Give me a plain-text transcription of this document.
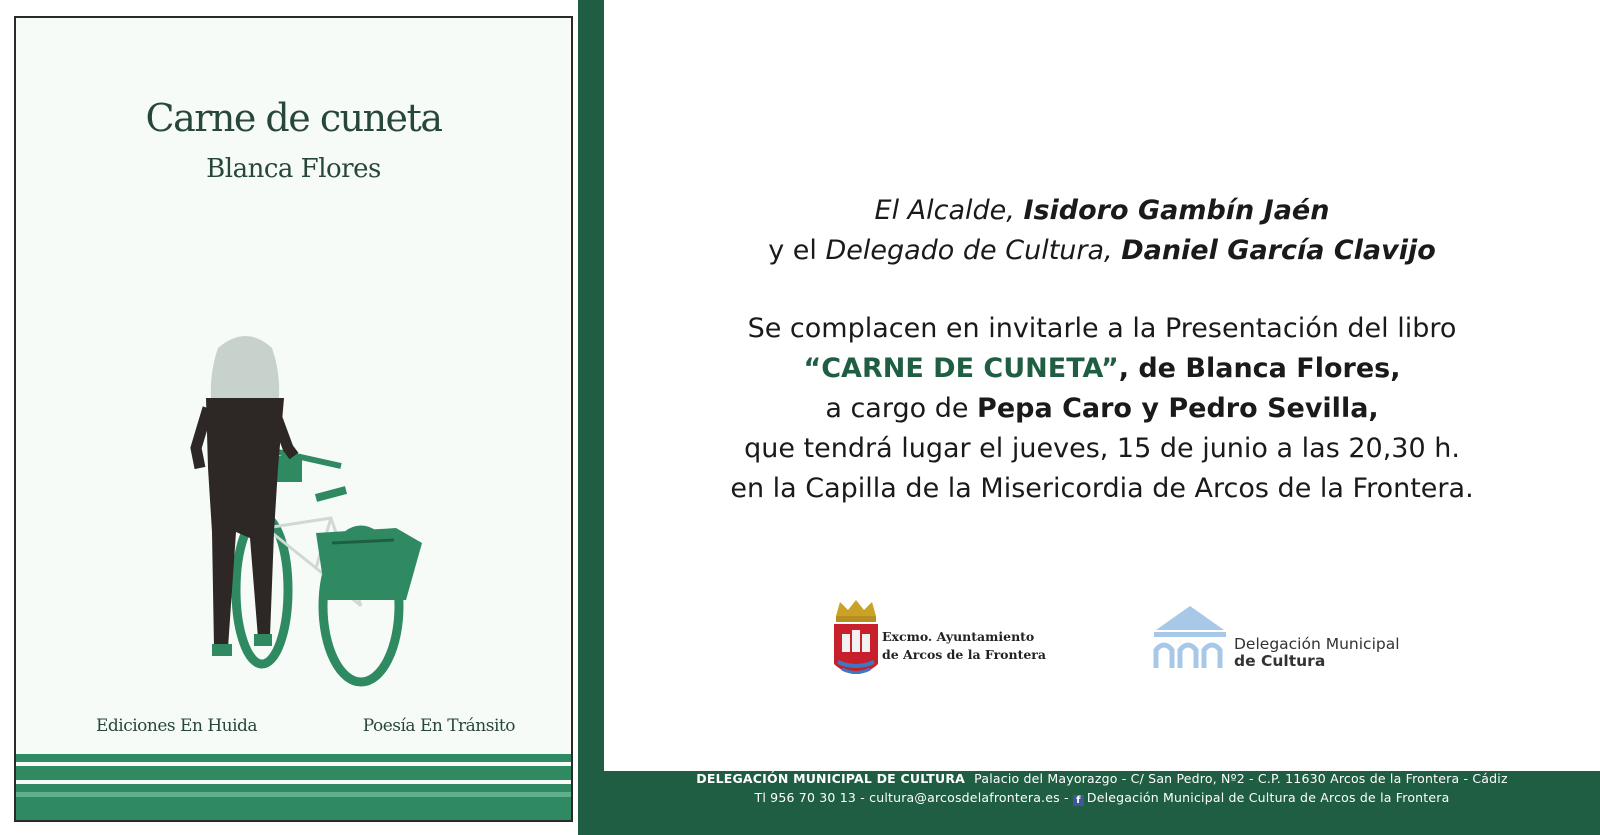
Carne de cuneta
Blanca Flores
Ediciones En Huida	Poesía En Tránsito
El Alcalde, Isidoro Gambín Jaén
y el Delegado de Cultura, Daniel García Clavijo
Se complacen en invitarle a la Presentación del libro
“CARNE DE CUNETA”, de Blanca Flores,
a cargo de Pepa Caro y Pedro Sevilla,
que tendrá lugar el jueves, 15 de junio a las 20,30 h.
en la Capilla de la Misericordia de Arcos de la Frontera.
Excmo. Ayuntamiento
de Arcos de la Frontera
Delegación Municipal
de Cultura
DELEGACIÓN MUNICIPAL DE CULTURA Palacio del Mayorazgo - C/ San Pedro, Nº2 - C.P. 11630 Arcos de la Frontera - Cádiz
Tl 956 70 30 13 - cultura@arcosdelafrontera.es - f Delegación Municipal de Cultura de Arcos de la Frontera
